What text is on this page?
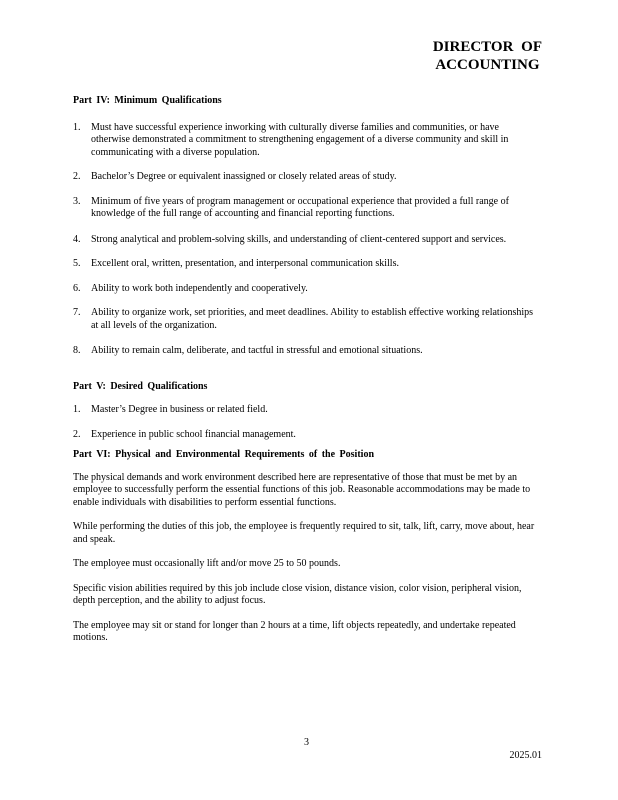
DIRECTOR OF
ACCOUNTING
Part IV: Minimum Qualifications
1. Must have successful experience inworking with culturally diverse families and communities, or have otherwise demonstrated a commitment to strengthening engagement of a diverse community and skill in communicating with a diverse population.
2. Bachelor’s Degree or equivalent inassigned or closely related areas of study.
3. Minimum of five years of program management or occupational experience that provided a full range of knowledge of the full range of accounting and financial reporting functions.
4. Strong analytical and problem-solving skills, and understanding of client-centered support and services.
5. Excellent oral, written, presentation, and interpersonal communication skills.
6. Ability to work both independently and cooperatively.
7. Ability to organize work, set priorities, and meet deadlines. Ability to establish effective working relationships at all levels of the organization.
8. Ability to remain calm, deliberate, and tactful in stressful and emotional situations.
Part V: Desired Qualifications
1. Master’s Degree in business or related field.
2. Experience in public school financial management.
Part VI: Physical and Environmental Requirements of the Position

The physical demands and work environment described here are representative of those that must be met by an employee to successfully perform the essential functions of this job. Reasonable accommodations may be made to enable individuals with disabilities to perform essential functions.

While performing the duties of this job, the employee is frequently required to sit, talk, lift, carry, move about, hear and speak.

The employee must occasionally lift and/or move 25 to 50 pounds.

Specific vision abilities required by this job include close vision, distance vision, color vision, peripheral vision, depth perception, and the ability to adjust focus.

The employee may sit or stand for longer than 2 hours at a time, lift objects repeatedly, and undertake repeated motions.

3
2025.01
